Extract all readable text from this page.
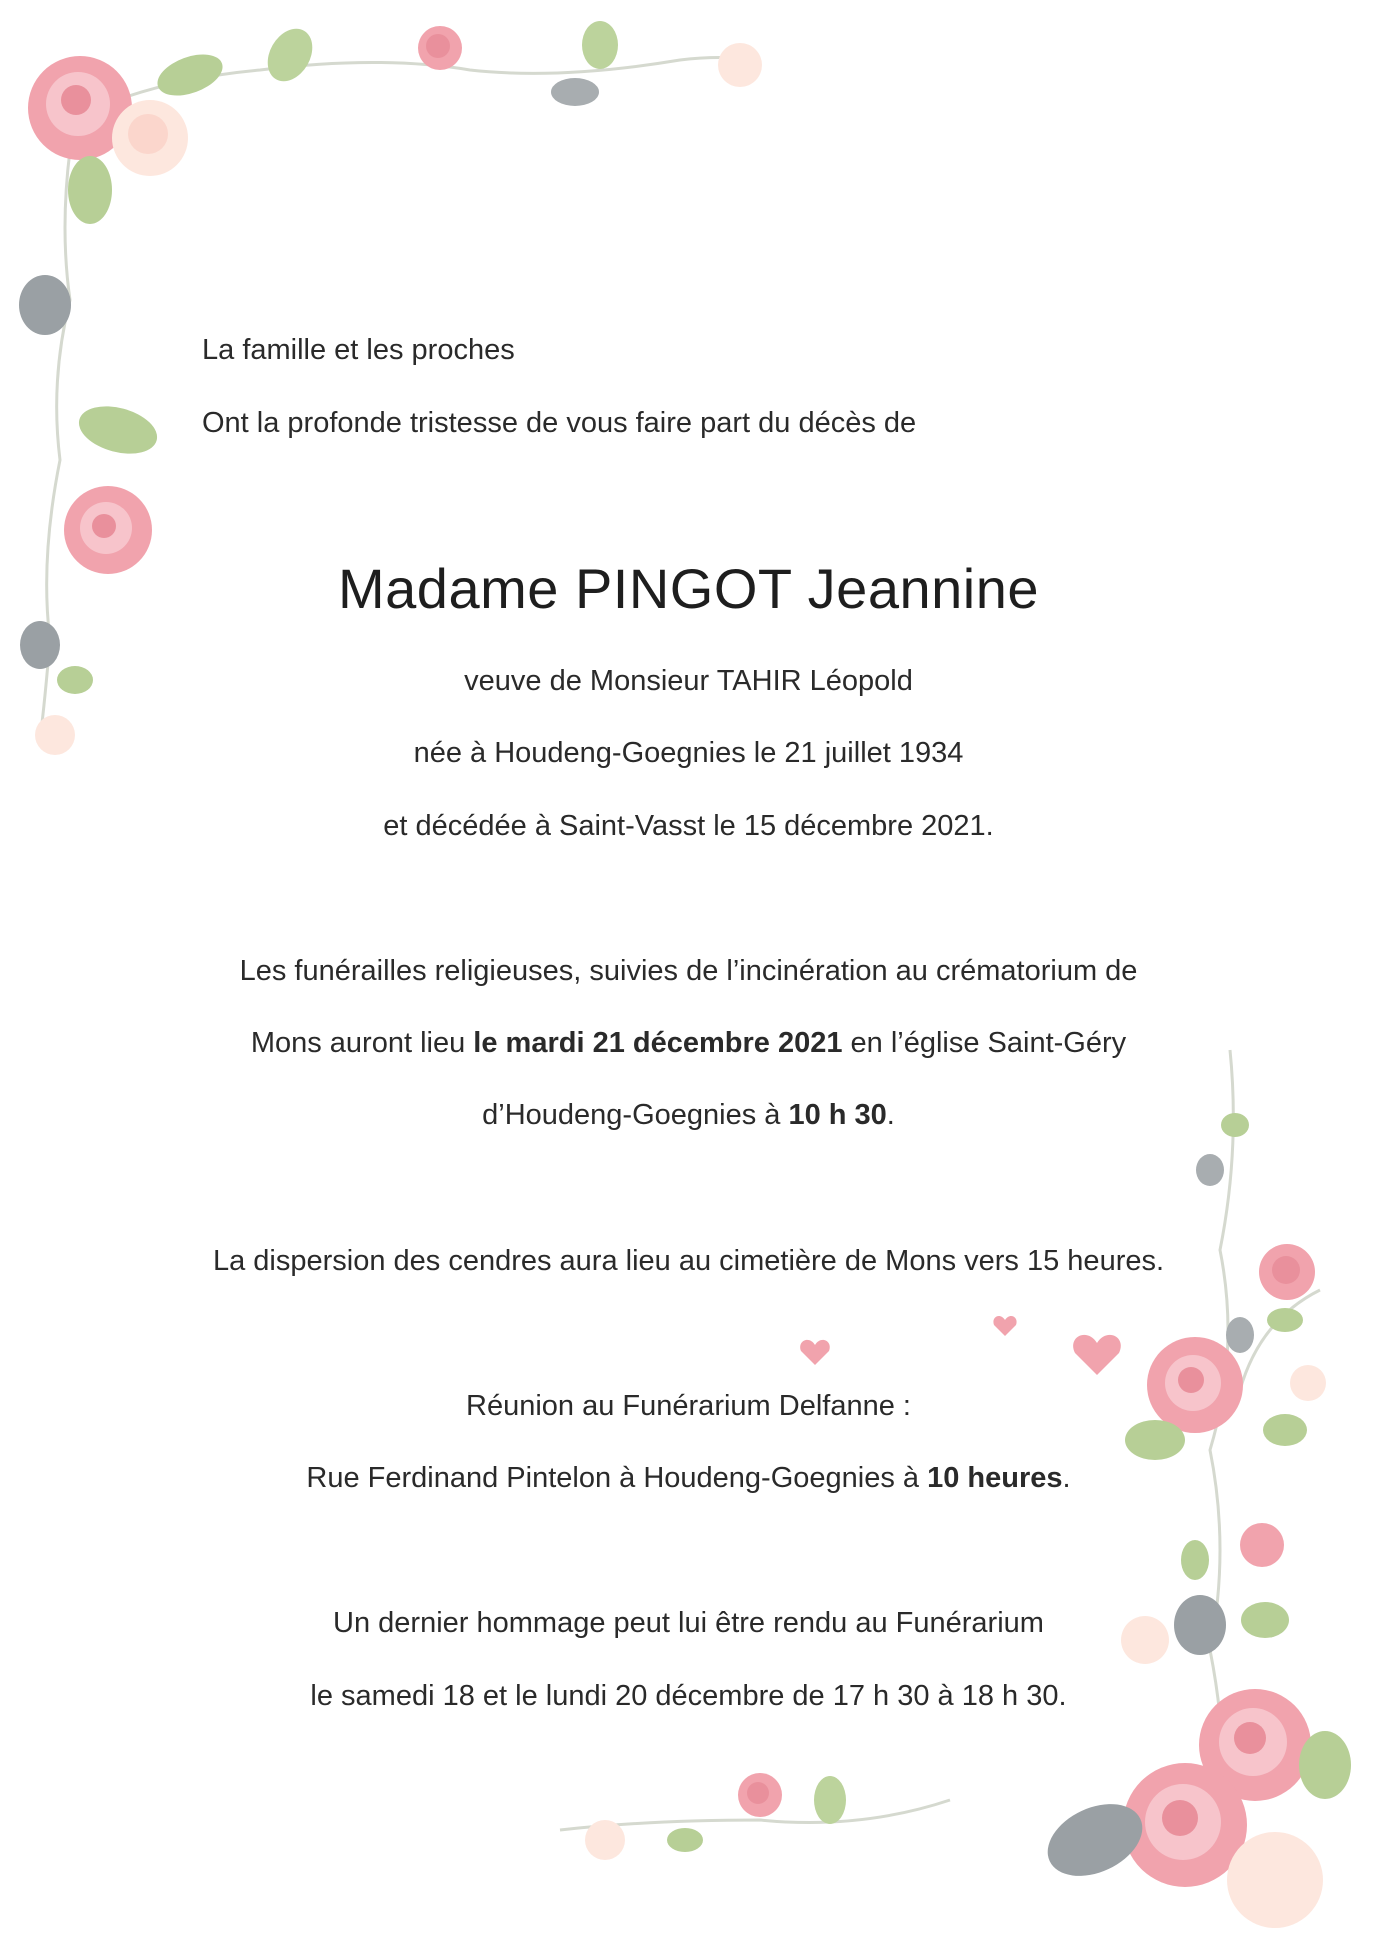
La famille et les proches
Ont la profonde tristesse de vous faire part du décès de
Madame PINGOT Jeannine
veuve de Monsieur TAHIR Léopold
née à Houdeng-Goegnies le 21 juillet 1934
et décédée à Saint-Vasst le 15 décembre 2021.
Les funérailles religieuses, suivies de l’incinération au crématorium de
Mons auront lieu le mardi 21 décembre 2021 en l’église Saint-Géry
d’Houdeng-Goegnies à 10 h 30.
La dispersion des cendres aura lieu au cimetière de Mons vers 15 heures.
Réunion au Funérarium Delfanne :
Rue Ferdinand Pintelon à Houdeng-Goegnies à 10 heures.
Un dernier hommage peut lui être rendu au Funérarium
le samedi 18 et le lundi 20 décembre de 17 h 30 à 18 h 30.
